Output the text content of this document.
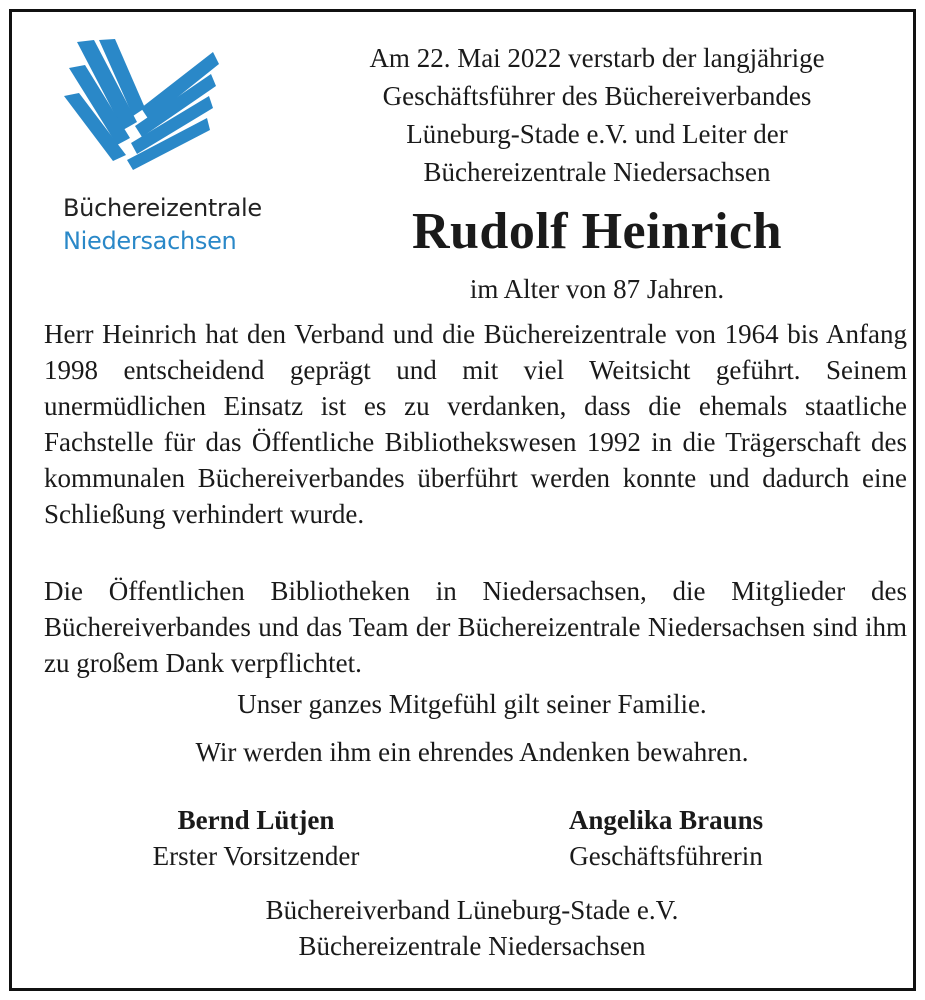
Büchereizentrale
Niedersachsen
Am 22. Mai 2022 verstarb der langjährige
Geschäftsführer des Büchereiverbandes
Lüneburg-Stade e.V. und Leiter der
Büchereizentrale Niedersachsen
Rudolf Heinrich
im Alter von 87 Jahren.

Herr Heinrich hat den Verband und die Büchereizentrale von 1964 bis Anfang 1998 entscheidend geprägt und mit viel Weitsicht geführt. Seinem unermüdlichen Einsatz ist es zu verdanken, dass die ehemals staatliche Fachstelle für das Öffentliche Bibliothekswesen 1992 in die Trägerschaft des kommunalen Büchereiverbandes überführt werden konnte und dadurch eine Schließung verhindert wurde.

Die Öffentlichen Bibliotheken in Niedersachsen, die Mitglieder des Büchereiverbandes und das Team der Büchereizentrale Niedersachsen sind ihm zu großem Dank verpflichtet.

Unser ganzes Mitgefühl gilt seiner Familie.
Wir werden ihm ein ehrendes Andenken bewahren.
Bernd Lütjen
Erster Vorsitzender
Angelika Brauns
Geschäftsführerin
Büchereiverband Lüneburg-Stade e.V.
Büchereizentrale Niedersachsen
